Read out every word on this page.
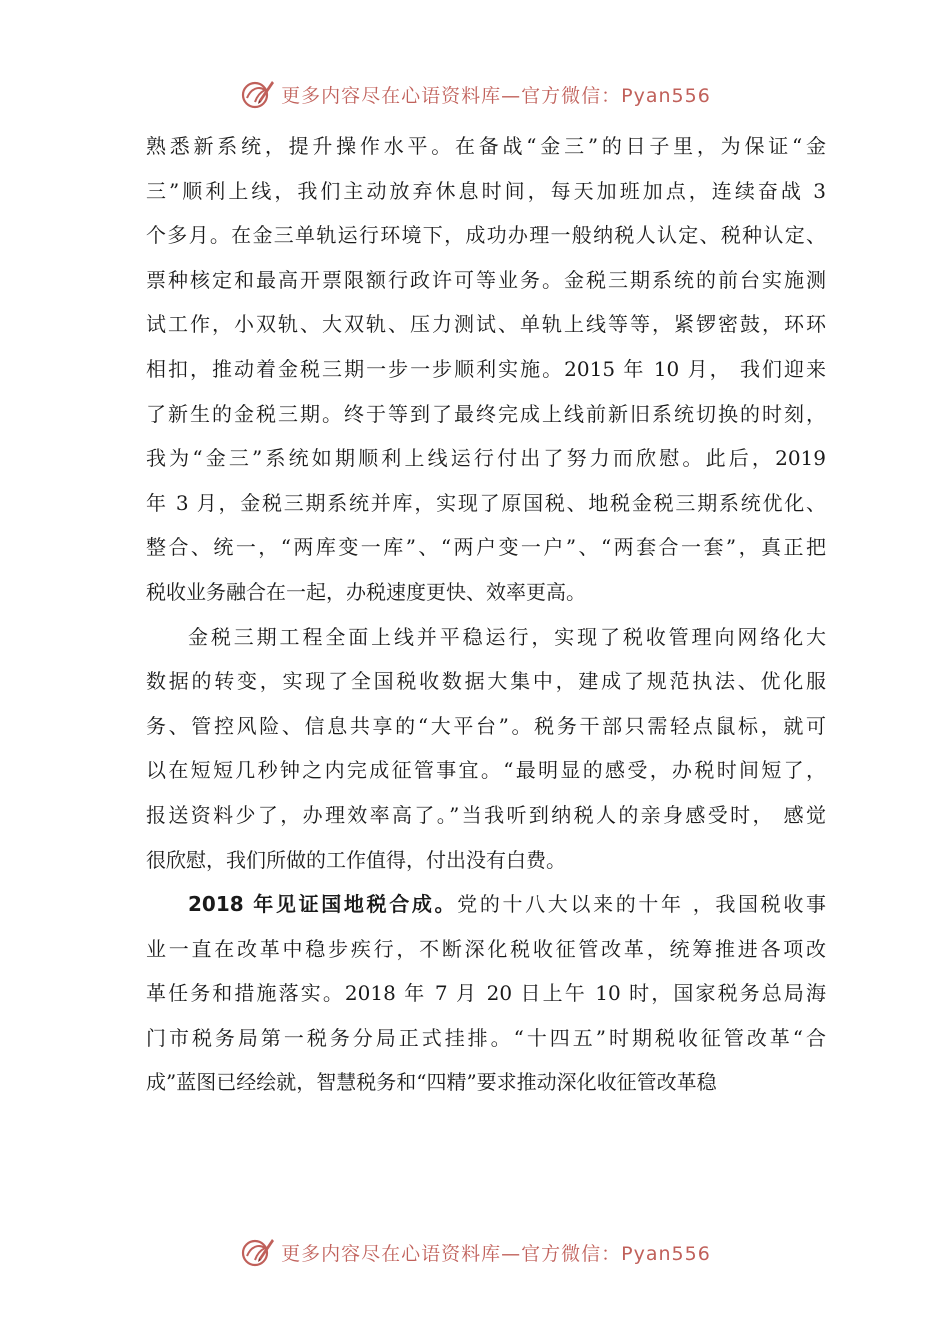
更多内容尽在心语资料库—官方微信：Pyan556
熟悉新系统，提升操作水平。在备战“金三”的日子里，为保证“金
三”顺利上线，我们主动放弃休息时间，每天加班加点，连续奋战 3
个多月。在金三单轨运行环境下，成功办理一般纳税人认定、税种认定、
票种核定和最高开票限额行政许可等业务。金税三期系统的前台实施测
试工作，小双轨、大双轨、压力测试、单轨上线等等，紧锣密鼓，环环
相扣，推动着金税三期一步一步顺利实施。2015 年 10 月， 我们迎来
了新生的金税三期。终于等到了最终完成上线前新旧系统切换的时刻，
我为“金三”系统如期顺利上线运行付出了努力而欣慰。此后，2019
年 3 月，金税三期系统并库，实现了原国税、地税金税三期系统优化、
整合、统一，“两库变一库”、“两户变一户”、“两套合一套”，真正把
税收业务融合在一起，办税速度更快、效率更高。
金税三期工程全面上线并平稳运行，实现了税收管理向网络化大
数据的转变，实现了全国税收数据大集中，建成了规范执法、优化服
务、管控风险、信息共享的“大平台”。税务干部只需轻点鼠标，就可
以在短短几秒钟之内完成征管事宜。“最明显的感受，办税时间短了，
报送资料少了，办理效率高了。”当我听到纳税人的亲身感受时， 感觉
很欣慰，我们所做的工作值得，付出没有白费。
2018 年见证国地税合成。党的十八大以来的十年 ，我国税收事
业一直在改革中稳步疾行，不断深化税收征管改革，统筹推进各项改
革任务和措施落实。2018 年 7 月 20 日上午 10 时，国家税务总局海
门市税务局第一税务分局正式挂排。“十四五”时期税收征管改革“合
成”蓝图已经绘就，智慧税务和“四精”要求推动深化收征管改革稳
更多内容尽在心语资料库—官方微信：Pyan556
